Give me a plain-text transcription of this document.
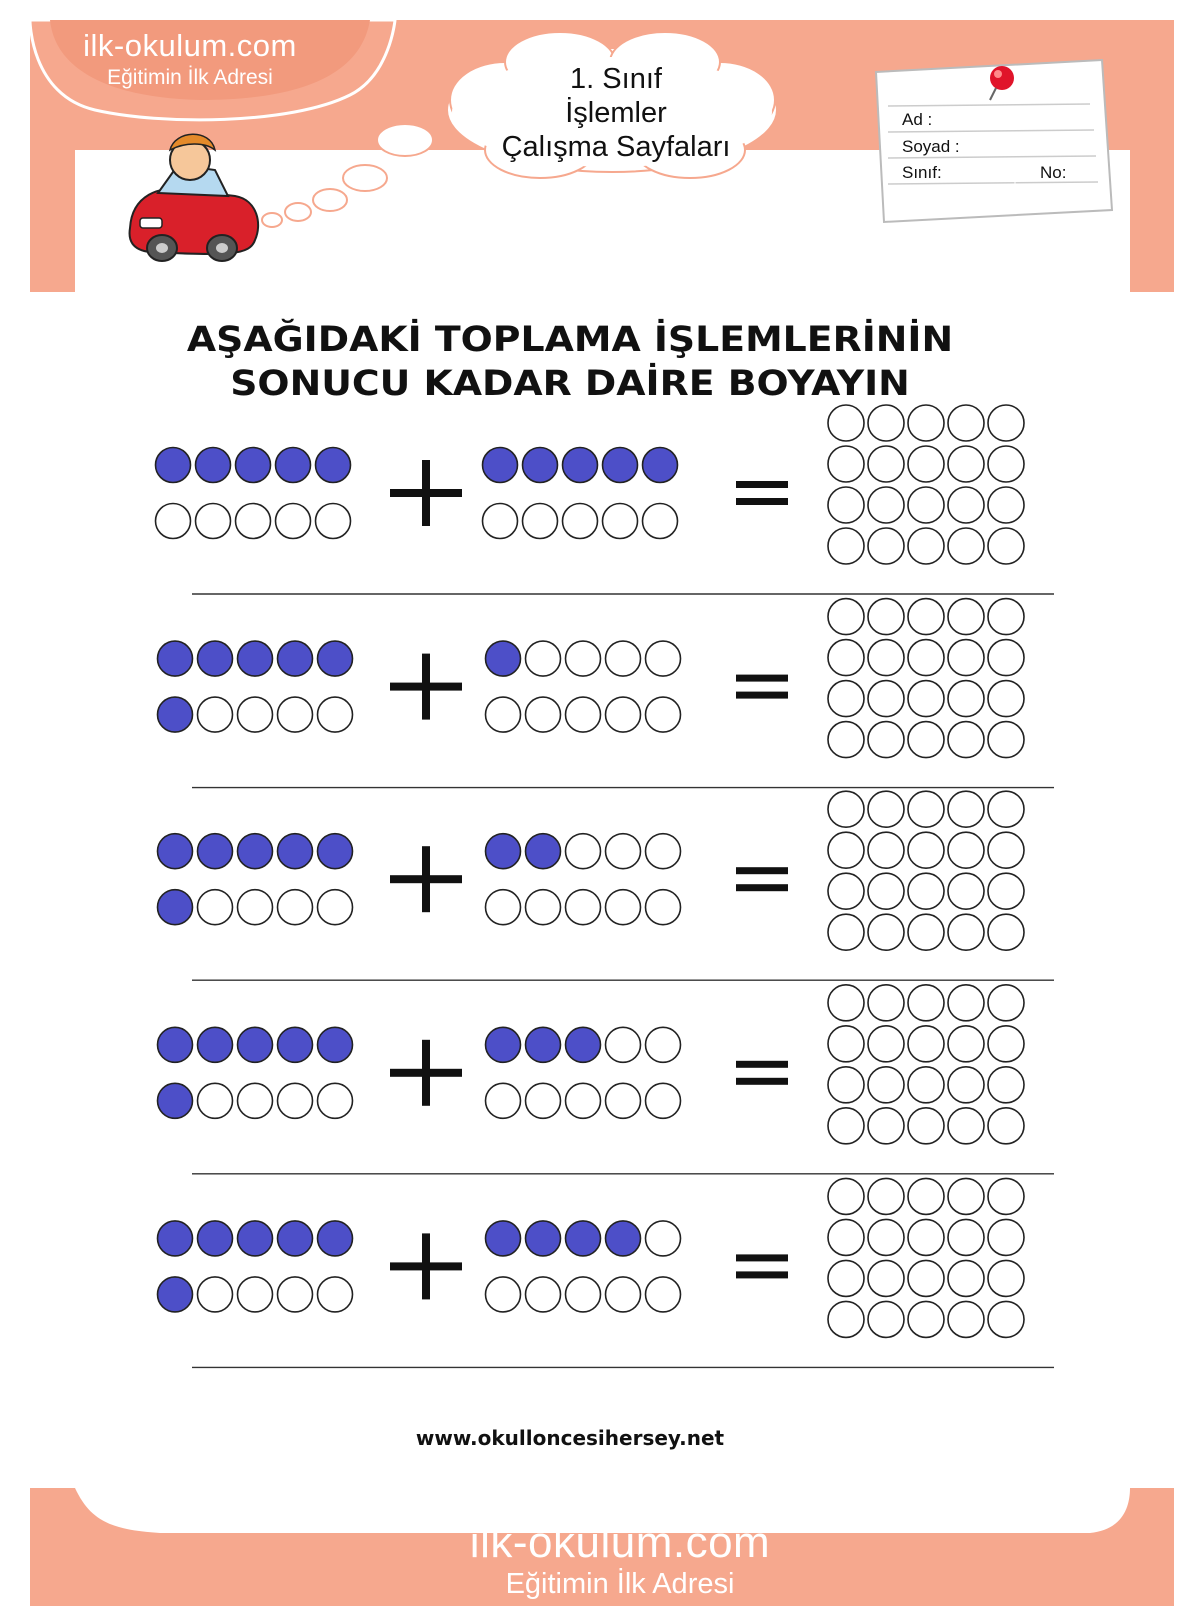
ilk-okulum.com
Eğitimin İlk Adresi	1. Sınıf
İşlemler
Çalışma Sayfaları
Ad :
Soyad :
Sınıf:	No:
AŞAĞIDAKİ TOPLAMA İŞLEMLERİNİN
SONUCU KADAR DAİRE BOYAYIN
www.okulloncesihersey.net
ilk-okulum.com
Eğitimin İlk Adresi
